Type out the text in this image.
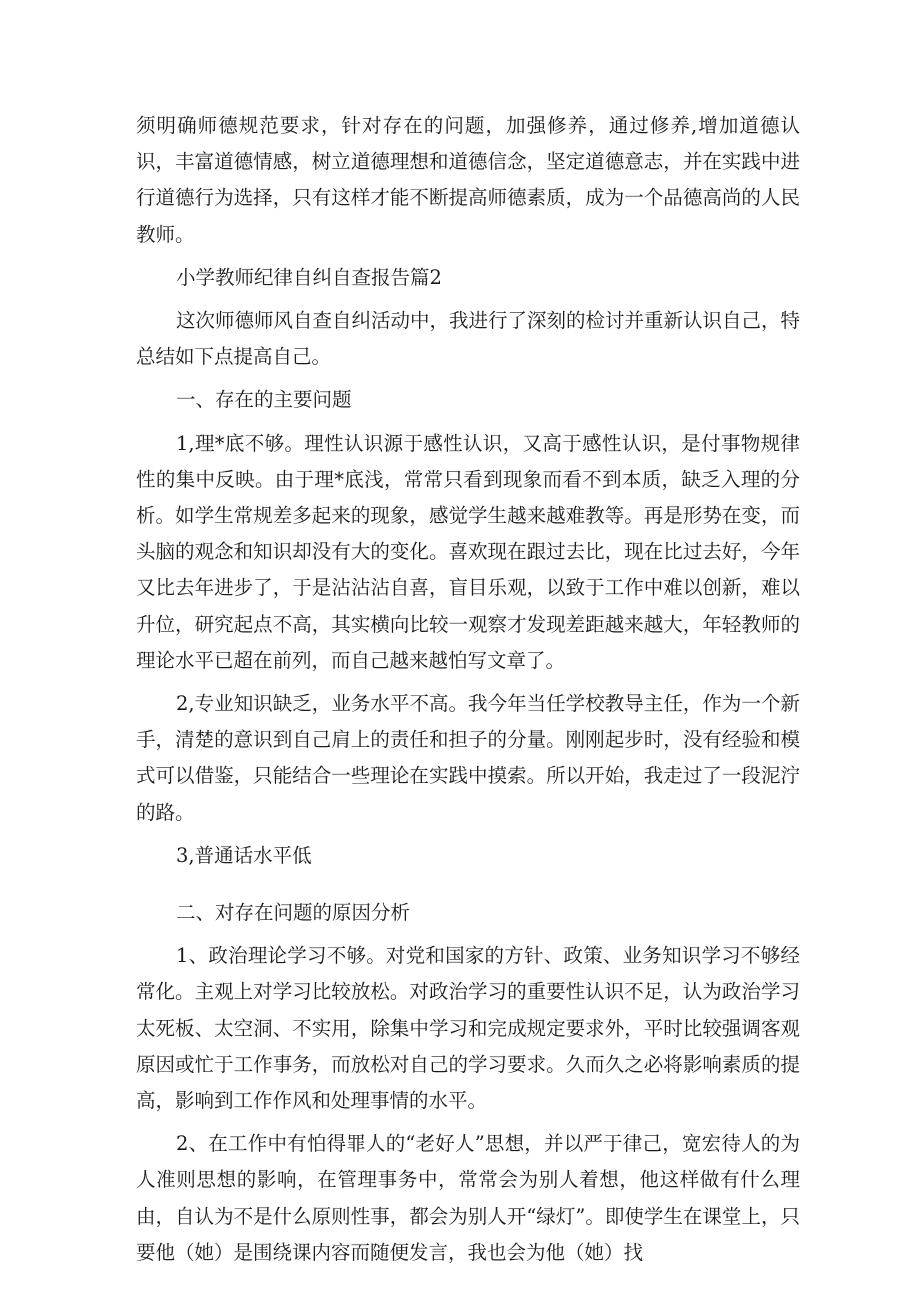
须明确师德规范要求，针对存在的问题，加强修养，通过修养,增加道德认识，丰富道德情感，树立道德理想和道德信念，坚定道德意志，并在实践中进行道德行为选择，只有这样才能不断提高师德素质，成为一个品德高尚的人民教师。

小学教师纪律自纠自查报告篇2

这次师德师风自查自纠活动中，我进行了深刻的检讨并重新认识自己，特总结如下点提高自己。

一、存在的主要问题

1,理*底不够。理性认识源于感性认识，又高于感性认识，是付事物规律性的集中反映。由于理*底浅，常常只看到现象而看不到本质，缺乏入理的分析。如学生常规差多起来的现象，感觉学生越来越难教等。再是形势在变，而头脑的观念和知识却没有大的变化。喜欢现在跟过去比，现在比过去好，今年又比去年进步了，于是沾沾沾自喜，盲目乐观，以致于工作中难以创新，难以升位，研究起点不高，其实横向比较一观察才发现差距越来越大，年轻教师的理论水平已超在前列，而自己越来越怕写文章了。

2,专业知识缺乏，业务水平不高。我今年当任学校教导主任，作为一个新手，清楚的意识到自己肩上的责任和担子的分量。刚刚起步时，没有经验和模式可以借鉴，只能结合一些理论在实践中摸索。所以开始，我走过了一段泥泞的路。

3,普通话水平低

二、对存在问题的原因分析

1、政治理论学习不够。对党和国家的方针、政策、业务知识学习不够经常化。主观上对学习比较放松。对政治学习的重要性认识不足，认为政治学习太死板、太空洞、不实用，除集中学习和完成规定要求外，平时比较强调客观原因或忙于工作事务，而放松对自己的学习要求。久而久之必将影响素质的提高，影响到工作作风和处理事情的水平。

2、在工作中有怕得罪人的“老好人”思想，并以严于律己，宽宏待人的为人准则思想的影响，在管理事务中，常常会为别人着想，他这样做有什么理由，自认为不是什么原则性事，都会为别人开“绿灯”。即使学生在课堂上，只要他（她）是围绕课内容而随便发言，我也会为他（她）找
